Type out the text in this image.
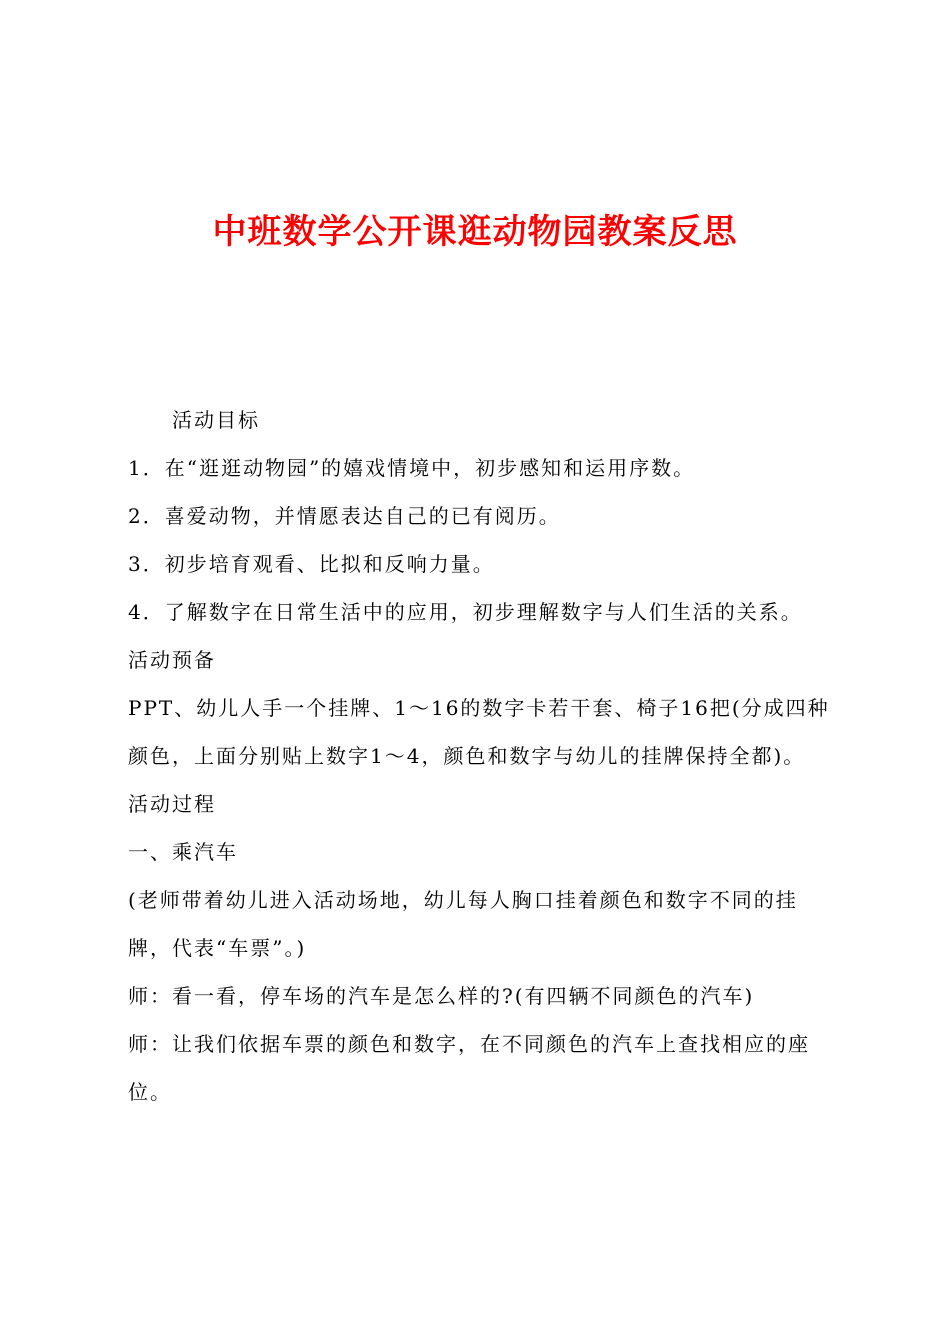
中班数学公开课逛动物园教案反思

活动目标

1．在“逛逛动物园”的嬉戏情境中，初步感知和运用序数。

2．喜爱动物，并情愿表达自己的已有阅历。

3．初步培育观看、比拟和反响力量。

4．了解数字在日常生活中的应用，初步理解数字与人们生活的关系。

活动预备

PPT、幼儿人手一个挂牌、1～16的数字卡若干套、椅子16把(分成四种颜色，上面分别贴上数字1～4，颜色和数字与幼儿的挂牌保持全都)。

活动过程

一、乘汽车

(老师带着幼儿进入活动场地，幼儿每人胸口挂着颜色和数字不同的挂牌，代表“车票”。)

师：看一看，停车场的汽车是怎么样的?(有四辆不同颜色的汽车)

师：让我们依据车票的颜色和数字，在不同颜色的汽车上查找相应的座位。
